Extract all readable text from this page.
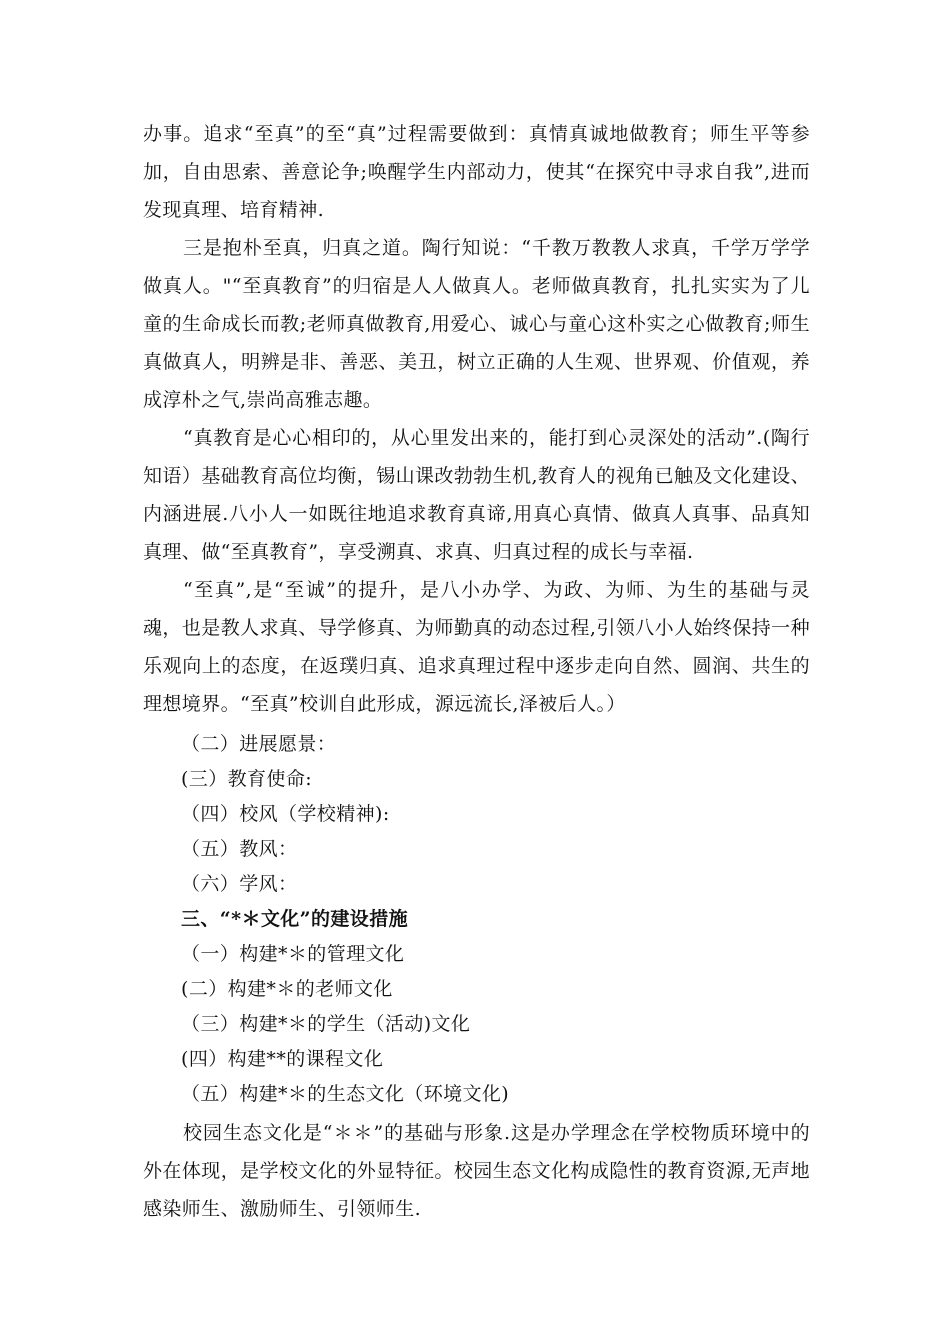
办事。追求“至真”的至“真”过程需要做到：真情真诚地做教育；师生平等参加，自由思索、善意论争;唤醒学生内部动力，使其“在探究中寻求自我”,进而发现真理、培育精神.

三是抱朴至真，归真之道。陶行知说：“千教万教教人求真，千学万学学做真人。"“至真教育”的归宿是人人做真人。老师做真教育，扎扎实实为了儿童的生命成长而教;老师真做教育,用爱心、诚心与童心这朴实之心做教育;师生真做真人，明辨是非、善恶、美丑，树立正确的人生观、世界观、价值观，养成淳朴之气,崇尚高雅志趣。

“真教育是心心相印的，从心里发出来的，能打到心灵深处的活动”.(陶行知语）基础教育高位均衡，锡山课改勃勃生机,教育人的视角已触及文化建设、内涵进展.八小人一如既往地追求教育真谛,用真心真情、做真人真事、品真知真理、做“至真教育”，享受溯真、求真、归真过程的成长与幸福.

“至真”,是“至诚”的提升，是八小办学、为政、为师、为生的基础与灵魂，也是教人求真、导学修真、为师勤真的动态过程,引领八小人始终保持一种乐观向上的态度，在返璞归真、追求真理过程中逐步走向自然、圆润、共生的理想境界。“至真”校训自此形成，源远流长,泽被后人。）

（二）进展愿景：

(三）教育使命:

（四）校风（学校精神):

（五）教风：

（六）学风：

三、“*＊文化”的建设措施

（一）构建*＊的管理文化

(二）构建*＊的老师文化

（三）构建*＊的学生（活动)文化

(四）构建**的课程文化

（五）构建*＊的生态文化（环境文化)

校园生态文化是“＊＊”的基础与形象.这是办学理念在学校物质环境中的外在体现，是学校文化的外显特征。校园生态文化构成隐性的教育资源,无声地感染师生、激励师生、引领师生.
